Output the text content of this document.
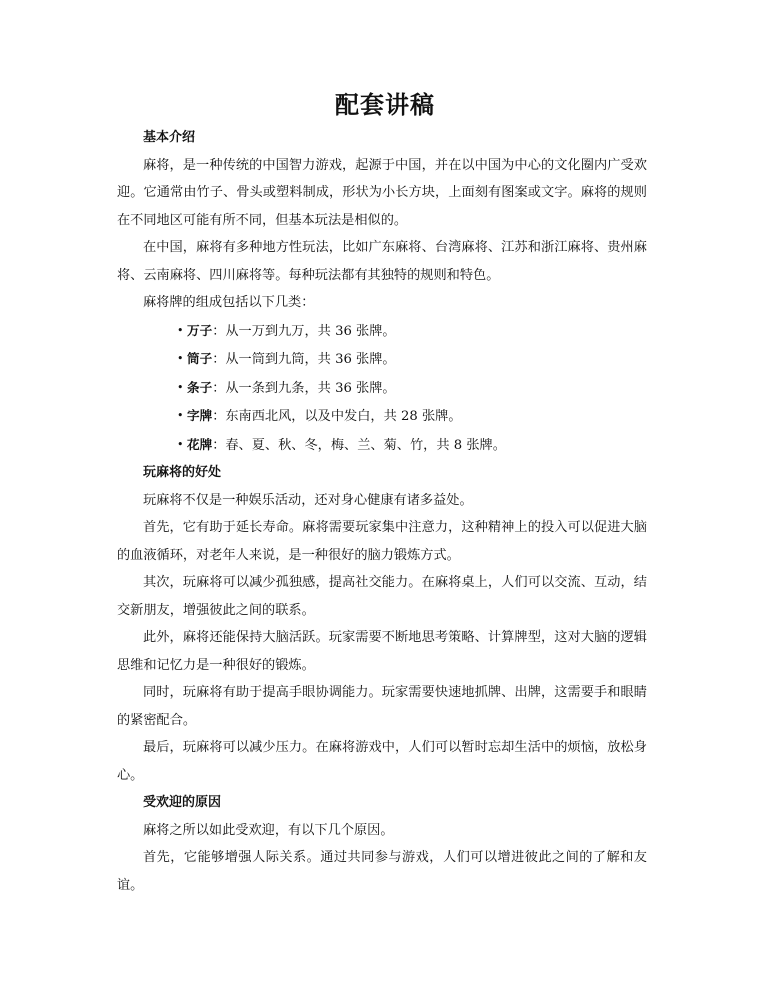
配套讲稿

基本介绍

麻将，是一种传统的中国智力游戏，起源于中国，并在以中国为中心的文化圈内广受欢迎。它通常由竹子、骨头或塑料制成，形状为小长方块，上面刻有图案或文字。麻将的规则在不同地区可能有所不同，但基本玩法是相似的。

在中国，麻将有多种地方性玩法，比如广东麻将、台湾麻将、江苏和浙江麻将、贵州麻将、云南麻将、四川麻将等。每种玩法都有其独特的规则和特色。

麻将牌的组成包括以下几类：

• 万子：从一万到九万，共 36 张牌。
• 筒子：从一筒到九筒，共 36 张牌。
• 条子：从一条到九条，共 36 张牌。
• 字牌：东南西北风，以及中发白，共 28 张牌。
• 花牌：春、夏、秋、冬，梅、兰、菊、竹，共 8 张牌。

玩麻将的好处

玩麻将不仅是一种娱乐活动，还对身心健康有诸多益处。

首先，它有助于延长寿命。麻将需要玩家集中注意力，这种精神上的投入可以促进大脑的血液循环，对老年人来说，是一种很好的脑力锻炼方式。

其次，玩麻将可以减少孤独感，提高社交能力。在麻将桌上，人们可以交流、互动，结交新朋友，增强彼此之间的联系。

此外，麻将还能保持大脑活跃。玩家需要不断地思考策略、计算牌型，这对大脑的逻辑思维和记忆力是一种很好的锻炼。

同时，玩麻将有助于提高手眼协调能力。玩家需要快速地抓牌、出牌，这需要手和眼睛的紧密配合。

最后，玩麻将可以减少压力。在麻将游戏中，人们可以暂时忘却生活中的烦恼，放松身心。

受欢迎的原因

麻将之所以如此受欢迎，有以下几个原因。

首先，它能够增强人际关系。通过共同参与游戏，人们可以增进彼此之间的了解和友谊。
